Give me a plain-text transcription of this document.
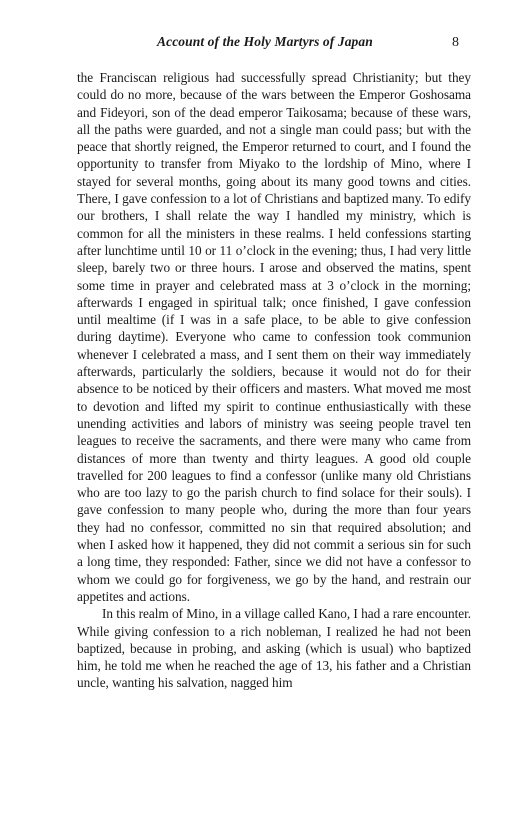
Account of the Holy Martyrs of Japan	8

the Franciscan religious had successfully spread Christianity; but they could do no more, because of the wars between the Emperor Goshosama and Fideyori, son of the dead emperor Taikosama; because of these wars, all the paths were guarded, and not a single man could pass; but with the peace that shortly reigned, the Emperor returned to court, and I found the opportunity to transfer from Miyako to the lordship of Mino, where I stayed for several months, going about its many good towns and cities. There, I gave confession to a lot of Christians and baptized many. To edify our brothers, I shall relate the way I handled my ministry, which is common for all the ministers in these realms. I held confessions starting after lunchtime until 10 or 11 o’clock in the evening; thus, I had very little sleep, barely two or three hours. I arose and observed the matins, spent some time in prayer and celebrated mass at 3 o’clock in the morning; afterwards I engaged in spiritual talk; once finished, I gave confession until mealtime (if I was in a safe place, to be able to give confession during daytime). Everyone who came to confession took communion whenever I celebrated a mass, and I sent them on their way immediately afterwards, particularly the soldiers, because it would not do for their absence to be noticed by their officers and masters. What moved me most to devotion and lifted my spirit to continue enthusiastically with these unending activities and labors of ministry was seeing people travel ten leagues to receive the sacraments, and there were many who came from distances of more than twenty and thirty leagues. A good old couple travelled for 200 leagues to find a confessor (unlike many old Christians who are too lazy to go the parish church to find solace for their souls). I gave confession to many people who, during the more than four years they had no confessor, committed no sin that required absolution; and when I asked how it happened, they did not commit a serious sin for such a long time, they responded: Father, since we did not have a confessor to whom we could go for forgiveness, we go by the hand, and restrain our appetites and actions.

In this realm of Mino, in a village called Kano, I had a rare encounter. While giving confession to a rich nobleman, I realized he had not been baptized, because in probing, and asking (which is usual) who baptized him, he told me when he reached the age of 13, his father and a Christian uncle, wanting his salvation, nagged him
